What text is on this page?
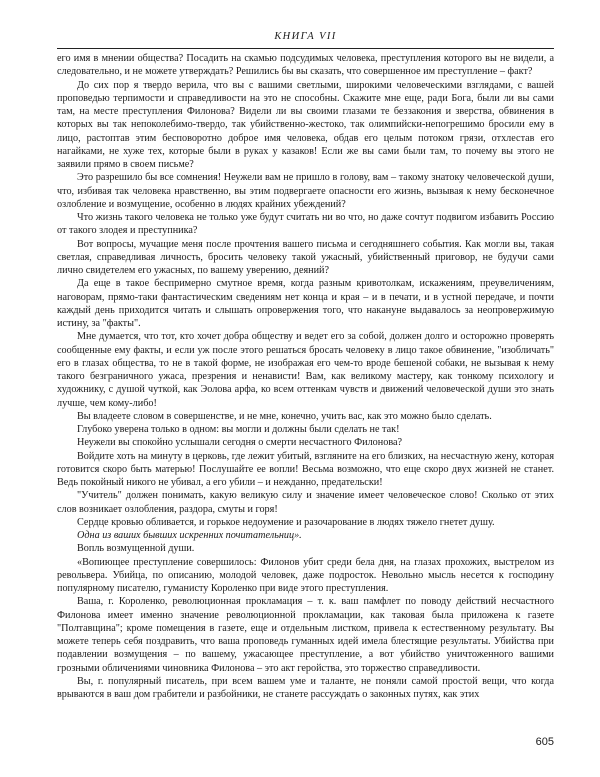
КНИГА VII

его имя в мнении общества? Посадить на скамью подсудимых человека, преступления которого вы не видели, а следовательно, и не можете утверждать? Решились бы вы сказать, что совершенное им преступление – факт?

До сих пор я твердо верила, что вы с вашими светлыми, широкими человеческими взглядами, с вашей проповедью терпимости и справедливости на это не способны. Скажите мне еще, ради Бога, были ли вы сами там, на месте преступления Филонова? Видели ли вы своими глазами те беззакония и зверства, обвинения в которых вы так непоколебимо-твердо, так убийственно-жестоко, так олимпийски-непогрешимо бросили ему в лицо, растоптав этим бесповоротно доброе имя человека, обдав его целым потоком грязи, отхлестав его нагайками, не хуже тех, которые были в руках у казаков! Если же вы сами были там, то почему вы этого не заявили прямо в своем письме?

Это разрешило бы все сомнения! Неужели вам не пришло в голову, вам – такому знатоку человеческой души, что, избивая так человека нравственно, вы этим подвергаете опасности его жизнь, вызывая к нему бесконечное озлобление и возмущение, особенно в людях крайних убеждений?

Что жизнь такого человека не только уже будут считать ни во что, но даже сочтут подвигом избавить Россию от такого злодея и преступника?

Вот вопросы, мучащие меня после прочтения вашего письма и сегодняшнего события. Как могли вы, такая светлая, справедливая личность, бросить человеку такой ужасный, убийственный приговор, не будучи сами лично свидетелем его ужасных, по вашему уверению, деяний?

Да еще в такое беспримерно смутное время, когда разным кривотолкам, искажениям, преувеличениям, наговорам, прямо-таки фантастическим сведениям нет конца и края – и в печати, и в устной передаче, и почти каждый день приходится читать и слышать опровержения того, что накануне выдавалось за неопровержимую истину, за "факты".

Мне думается, что тот, кто хочет добра обществу и ведет его за собой, должен долго и осторожно проверять сообщенные ему факты, и если уж после этого решаться бросать человеку в лицо такое обвинение, "изобличать" его в глазах общества, то не в такой форме, не изображая его чем-то вроде бешеной собаки, не вызывая к нему такого безграничного ужаса, презрения и ненависти! Вам, как великому мастеру, как тонкому психологу и художнику, с душой чуткой, как Эолова арфа, ко всем оттенкам чувств и движений человеческой души это знать лучше, чем кому-либо!

Вы владеете словом в совершенстве, и не мне, конечно, учить вас, как это можно было сделать.

Глубоко уверена только в одном: вы могли и должны были сделать не так!

Неужели вы спокойно услышали сегодня о смерти несчастного Филонова?

Войдите хоть на минуту в церковь, где лежит убитый, взгляните на его близких, на несчастную жену, которая готовится скоро быть матерью! Послушайте ее вопли! Весьма возможно, что еще скоро двух жизней не станет. Ведь покойный никого не убивал, а его убили – и нежданно, предательски!

"Учитель" должен понимать, какую великую силу и значение имеет человеческое слово! Сколько от этих слов возникает озлобления, раздора, смуты и горя!

Сердце кровью обливается, и горькое недоумение и разочарование в людях тяжело гнетет душу.

Одна из ваших бывших искренних почитательниц».

Вопль возмущенной души.

«Вопиющее преступление совершилось: Филонов убит среди бела дня, на глазах прохожих, выстрелом из револьвера. Убийца, по описанию, молодой человек, даже подросток. Невольно мысль несется к господину популярному писателю, гуманисту Короленко при виде этого преступления.

Ваша, г. Короленко, революционная прокламация – т. к. ваш памфлет по поводу действий несчастного Филонова имеет именно значение революционной прокламации, как таковая была приложена к газете "Полтавщина"; кроме помещения в газете, еще и отдельным листком, привела к естественному результату. Вы можете теперь себя поздравить, что ваша проповедь гуманных идей имела блестящие результаты. Убийства при подавлении возмущения – по вашему, ужасающее преступление, а вот убийство уничтоженного вашими грозными обличениями чиновника Филонова – это акт геройства, это торжество справедливости.

Вы, г. популярный писатель, при всем вашем уме и таланте, не поняли самой простой вещи, что когда врываются в ваш дом грабители и разбойники, не станете рассуждать о законных путях, как этих

605
